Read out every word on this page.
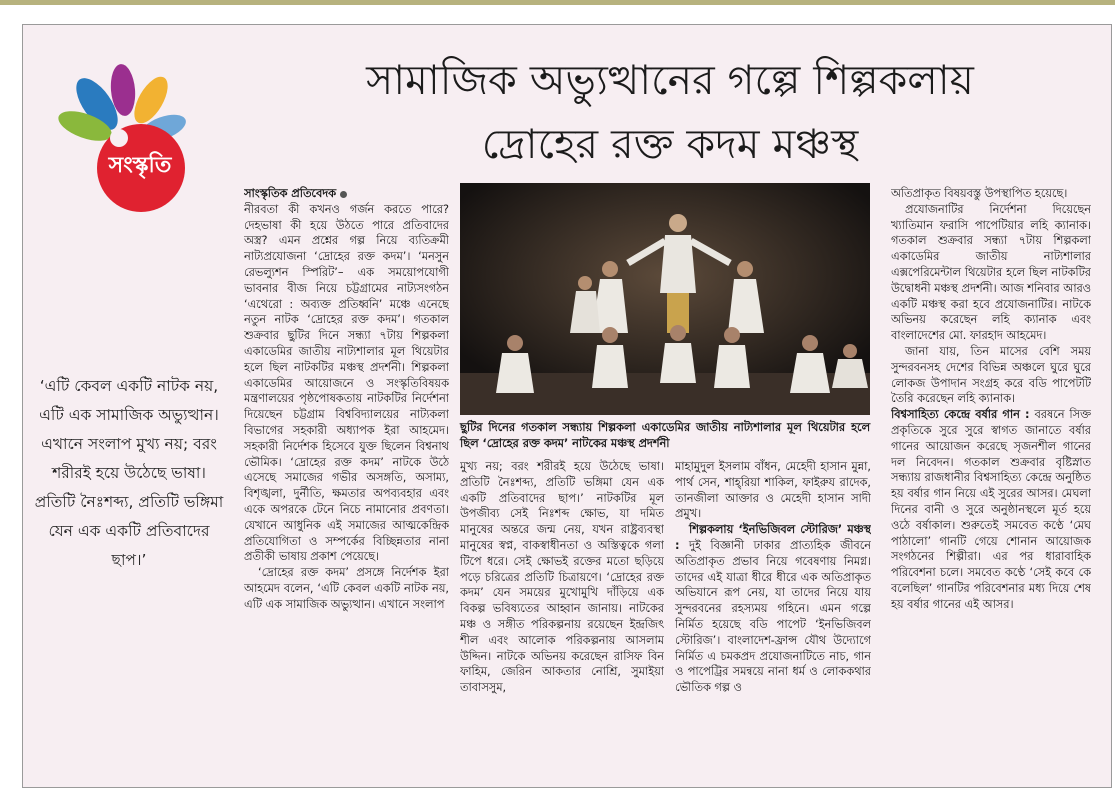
সংস্কৃতি
সামাজিক অভ্যুত্থানের গল্পে শিল্পকলায়
দ্রোহের রক্ত কদম মঞ্চস্থ
‘এটি কেবল একটি নাটক নয়, এটি এক সামাজিক অভ্যুত্থান। এখানে সংলাপ মুখ্য নয়; বরং শরীরই হয়ে উঠেছে ভাষা। প্রতিটি নৈঃশব্দ্য, প্রতিটি ভঙ্গিমা যেন এক একটি প্রতিবাদের ছাপ।’

সাংস্কৃতিক প্রতিবেদক

নীরবতা কী কখনও গর্জন করতে পারে? দেহভাষা কী হয়ে উঠতে পারে প্রতিবাদের অস্ত্র? এমন প্রশ্নের গল্প নিয়ে ব্যতিক্রমী নাট্যপ্রযোজনা ‘দ্রোহের রক্ত কদম’। ‘মনসুন রেভল্যুশন স্পিরিট’– এক সময়োপযোগী ভাবনার বীজ নিয়ে চট্টগ্রামের নাট্যসংগঠন ‘এথেরো : অব্যক্ত প্রতিধ্বনি’ মঞ্চে এনেছে নতুন নাটক ‘দ্রোহের রক্ত কদম’। গতকাল শুক্রবার ছুটির দিনে সন্ধ্যা ৭টায় শিল্পকলা একাডেমির জাতীয় নাট্যশালার মূল থিয়েটার হলে ছিল নাটকটির মঞ্চস্থ প্রদর্শনী। শিল্পকলা একাডেমির আয়োজনে ও সংস্কৃতিবিষয়ক মন্ত্রণালয়ের পৃষ্ঠপোষকতায় নাটকটির নির্দেশনা দিয়েছেন চট্টগ্রাম বিশ্ববিদ্যালয়ের নাট্যকলা বিভাগের সহকারী অধ্যাপক ইরা আহমেদ। সহকারী নির্দেশক হিসেবে যুক্ত ছিলেন বিশ্বনাথ ভৌমিক। ‘দ্রোহের রক্ত কদম’ নাটকে উঠে এসেছে সমাজের গভীর অসঙ্গতি, অসাম্য, বিশৃঙ্খলা, দুর্নীতি, ক্ষমতার অপব্যবহার এবং একে অপরকে টেনে নিচে নামানোর প্রবণতা। যেখানে আধুনিক এই সমাজের আত্মকেন্দ্রিক প্রতিযোগিতা ও সম্পর্কের বিচ্ছিন্নতার নানা প্রতীকী ভাষায় প্রকাশ পেয়েছে।

‘দ্রোহের রক্ত কদম’ প্রসঙ্গে নির্দেশক ইরা আহমেদ বলেন, ‘এটি কেবল একটি নাটক নয়, এটি এক সামাজিক অভ্যুত্থান। এখানে সংলাপ

ছুটির দিনের গতকাল সন্ধ্যায় শিল্পকলা একাডেমির জাতীয় নাট্যশালার মূল থিয়েটার হলে ছিল ‘দ্রোহের রক্ত কদম’ নাটকের মঞ্চস্থ প্রদর্শনী

মুখ্য নয়; বরং শরীরই হয়ে উঠেছে ভাষা। প্রতিটি নৈঃশব্দ্য, প্রতিটি ভঙ্গিমা যেন এক একটি প্রতিবাদের ছাপ।’ নাটকটির মূল উপজীব্য সেই নিঃশব্দ ক্ষোভ, যা দমিত মানুষের অন্তরে জন্ম নেয়, যখন রাষ্ট্রব্যবস্থা মানুষের স্বপ্ন, বাকস্বাধীনতা ও অস্তিত্বকে গলা টিপে ধরে। সেই ক্ষোভই রক্তের মতো ছড়িয়ে পড়ে চরিত্রের প্রতিটি চিত্রায়ণে। ‘দ্রোহের রক্ত কদম’ যেন সময়ের মুখোমুখি দাঁড়িয়ে এক বিকল্প ভবিষ্যতের আহ্বান জানায়। নাটকের মঞ্চ ও সঙ্গীত পরিকল্পনায় রয়েছেন ইন্দ্রজিৎ শীল এবং আলোক পরিকল্পনায় আসলাম উদ্দিন। নাটকে অভিনয় করেছেন রাসিফ বিন ফাহিম, জেরিন আকতার নোশ্রি, সুমাইয়া তাবাসসুম,

মাহামুদুল ইসলাম বাঁধন, মেহেদী হাসান মুন্না, পার্থ সেন, শাহ্‌রিয়া শাকিল, ফাইরুয রাদেক, তানজীলা আক্তার ও মেহেদী হাসান সাদী প্রমুখ।

শিল্পকলায় ‘ইনভিজিবল স্টোরিজ’ মঞ্চস্থ : দুই বিজ্ঞানী ঢাকার প্রাত্যহিক জীবনে অতিপ্রাকৃত প্রভাব নিয়ে গবেষণায় নিমগ্ন। তাদের এই যাত্রা ধীরে ধীরে এক অতিপ্রাকৃত অভিযানে রূপ নেয়, যা তাদের নিয়ে যায় সুন্দরবনের রহস্যময় গহিনে। এমন গল্পে নির্মিত হয়েছে বডি পাপেট ‘ইনভিজিবল স্টোরিজ’। বাংলাদেশ-ফ্রান্স যৌথ উদ্যোগে নির্মিত এ চমকপ্রদ প্রযোজনাটিতে নাচ, গান ও পাপেট্রির সমন্বয়ে নানা ধর্ম ও লোককথার ভৌতিক গল্প ও

অতিপ্রাকৃত বিষয়বস্তু উপস্থাপিত হয়েছে।

প্রযোজনাটির নির্দেশনা দিয়েছেন খ্যাতিমান ফরাসি পাপেটিয়ার লহি ক্যানাক। গতকাল শুক্রবার সন্ধ্যা ৭টায় শিল্পকলা একাডেমির জাতীয় নাট্যশালার এক্সপেরিমেন্টাল থিয়েটার হলে ছিল নাটকটির উদ্বোধনী মঞ্চস্থ প্রদর্শনী। আজ শনিবার আরও একটি মঞ্চস্থ করা হবে প্রযোজনাটির। নাটকে অভিনয় করেছেন লহি ক্যানাক এবং বাংলাদেশের মো. ফারহাদ আহমেদ।

জানা যায়, তিন মাসের বেশি সময় সুন্দরবনসহ দেশের বিভিন্ন অঞ্চলে ঘুরে ঘুরে লোকজ উপাদান সংগ্রহ করে বডি পাপেটটি তৈরি করেছেন লহি ক্যানাক।

বিশ্বসাহিত্য কেন্দ্রে বর্ষার গান : বরষনে সিক্ত প্রকৃতিকে সুরে সুরে স্বাগত জানাতে বর্ষার গানের আয়োজন করেছে সৃজনশীল গানের দল নিবেদন। গতকাল শুক্রবার বৃষ্টিস্নাত সন্ধ্যায় রাজধানীর বিশ্বসাহিত্য কেন্দ্রে অনুষ্ঠিত হয় বর্ষার গান নিয়ে এই সুরের আসর। মেঘলা দিনের বানী ও সুরে অনুষ্ঠানস্থলে মূর্ত হয়ে ওঠে বর্ষাকাল। শুরুতেই সমবেত কণ্ঠে ‘মেঘ পাঠালো’ গানটি গেয়ে শোনান আয়োজক সংগঠনের শিল্পীরা। এর পর ধারাবাহিক পরিবেশনা চলে। সমবেত কণ্ঠে ‘সেই কবে কে বলেছিল’ গানটির পরিবেশনার মধ্য দিয়ে শেষ হয় বর্ষার গানের এই আসর।
